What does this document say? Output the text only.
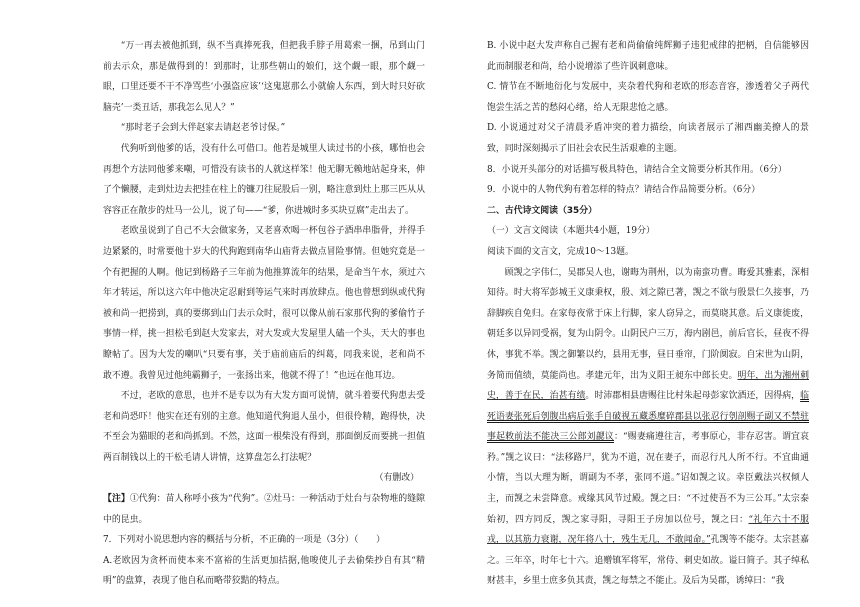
“万一再去被他抓到，纵不当真捧死我，但把我手脖子用葛索一捆，吊到山门前去示众，那是做得到的！到那时，让那些朝山的娘们，这个觑一眼，那个觑一眼，口里还要不干不净骂些‘小强盗应该’‘这鬼崽那么小就偷人东西，到大时只好砍脑壳’一类丑话，那我怎么见人？”

“那时老子会到大伴赵家去请赵老爷讨保。”

代狗听到他爹的话，没有什么可借口。他若是城里人读过书的小孩，哪怕也会再想个方法同他爹来嘲，可惜没有读书的人就这样笨！他无聊无赖地站起身来，伸了个懒腰，走到灶边去把挂在柱上的镰刀往屁股后一别，略注意到灶上那三匹从从容容正在散步的灶马一公儿，说了句——“爹，你进城时多买块豆腐”走出去了。

老欧虽说到了自己不大会做家务，又老喜欢喝一杯包谷子酒串串脂骨，并得手边紧紧的，时常要他十岁大的代狗跑到南华山庙背去做点冒险事情。但她究竟是一个有把握的人啊。他记到杨路子三年前为他推算流年的结果，是命当午水，须过六年才转运，所以这六年中他决定忍耐到等运气来时再放肆点。他也曾想到纵或代狗被和尚一把捞到，真的要绑到山门去示众时，很可以像从前石家那代狗的爹偷竹子事情一样，挑一担松毛到赵大发家去，对大发或大发屋里人磕一个头，天大的事也瞭帖了。因为大发的喇叭“只要有事，关于庙前庙后的纠葛，同我来说，老和尚不敢不遵。我曾见过他纯霸狮子，一张扬出来，他就不得了！”也远在他耳边。

不过，老欧的意思，也并不是专以为有大发方面可说情，就斗着要代狗患去受老和尚恐吓！他实在还有别的主意。他知道代狗退人虽小，但很伶精，跑得快，决不至会为猫眼的老和尚抓到。不然，这面一根柴没有得到，那面倒反而要挑一担值两百制钱以上的干松毛请人讲情，这算盘怎么打法呢？

（有删改）

【注】①代狗：苗人称呼小孩为“代狗”。②灶马：一种活动于灶台与杂物堆的缝隙中的昆虫。

7．下列对小说思想内容的概括与分析，不正确的一项是（3分）（　　）

A.老欧因为贪杯而使本来不富裕的生活更加拮据,他唆使儿子去偷柴抄自有其“精明”的盘算，表现了他自私而略带狡黠的特点。

B. 小说中赵大发声称自己握有老和尚偷偷纯辉狮子违犯戒律的把柄，自信能够因此而制服老和尚，给小说增添了些许讽刺意味。

C. 情节在不断地衍化与发展中，夹杂着代狗和老欧的形态音容，渗透着父子两代饱尝生活之苦的愁闷心绪，给人无限悲怆之感。

D. 小说通过对父子清晨矛盾冲突的着力描绘，向读者展示了湘西幽美撩人的景致，同时深刻揭示了旧社会农民生活艰难的主题。

8．小说开头部分的对话描写极具特色，请结合全文简要分析其作用。（6分）

9．小说中的人物代狗有着怎样的特点？请结合作品简要分析。（6分）

二、古代诗文阅读（35分）

（一）文言文阅读（本题共4小题，19分）

阅读下面的文言文，完成10～13题。

顾觊之字伟仁，吴郡吴人也，谢晦为荆州，以为南蛮功曹。晦爱其雅素，深相知待。时大将军彭城王义康秉权，殷、刘之隙已著，觊之不欲与殷景仁久接事，乃辞脚疾自免归。在家每夜常于床上行脚，家人窃异之，而莫晓其意。后义康徙废，朝廷多以异同受祸，复为山阴令。山阴民户三万，海内剧邑，前后官长，昼夜不得休，事犹不举。觊之御繁以约，县用无事，昼日垂帘，门阶阒寂。自宋世为山阴，务简而值绩，莫能尚也。孝建元年，出为义阳王昶东中郎长史。明年，出为湘州刺史，善于在民，治甚有绩。时沛郡相县唐赐往比村朱起母彭家饮酒还，因得病，临死语妻张死后刳腹出病后张手自破视五藏悉糜碎郡县以张忍行刳剖赐子副又不禁驻事起敕前法不能决三公郎刘勰议：“赐妻痛遵往言，考事原心，非存忍害。谓宜哀矜。”觊之议曰：“法移路尸，犹为不道，况在妻子，而忍行凡人所不行。不宜曲通小情，当以大理为断，谓副为不孝，张同不道。”诏如觊之议。幸臣戴法兴权倾人主，而觊之未尝降意。戒缘其风节过殿。觊之曰：“不过使吾不为三公耳。”太宗泰始初，四方同反，觊之家寻阳，寻阳王子房加以位号，觊之曰：“礼年六十不服戎，以其筋力衰谢，况年将八十，残生无几，不敢闻命。”孔觊等不能夺。太宗甚嘉之。三年卒，时年七十六。追赠镇军将军，常侍、刺史如故。谥曰简子。其子绰私财甚丰，乡里士庶多负其责，觊之每禁之不能止。及后为吴郡，诱绰曰：“我
